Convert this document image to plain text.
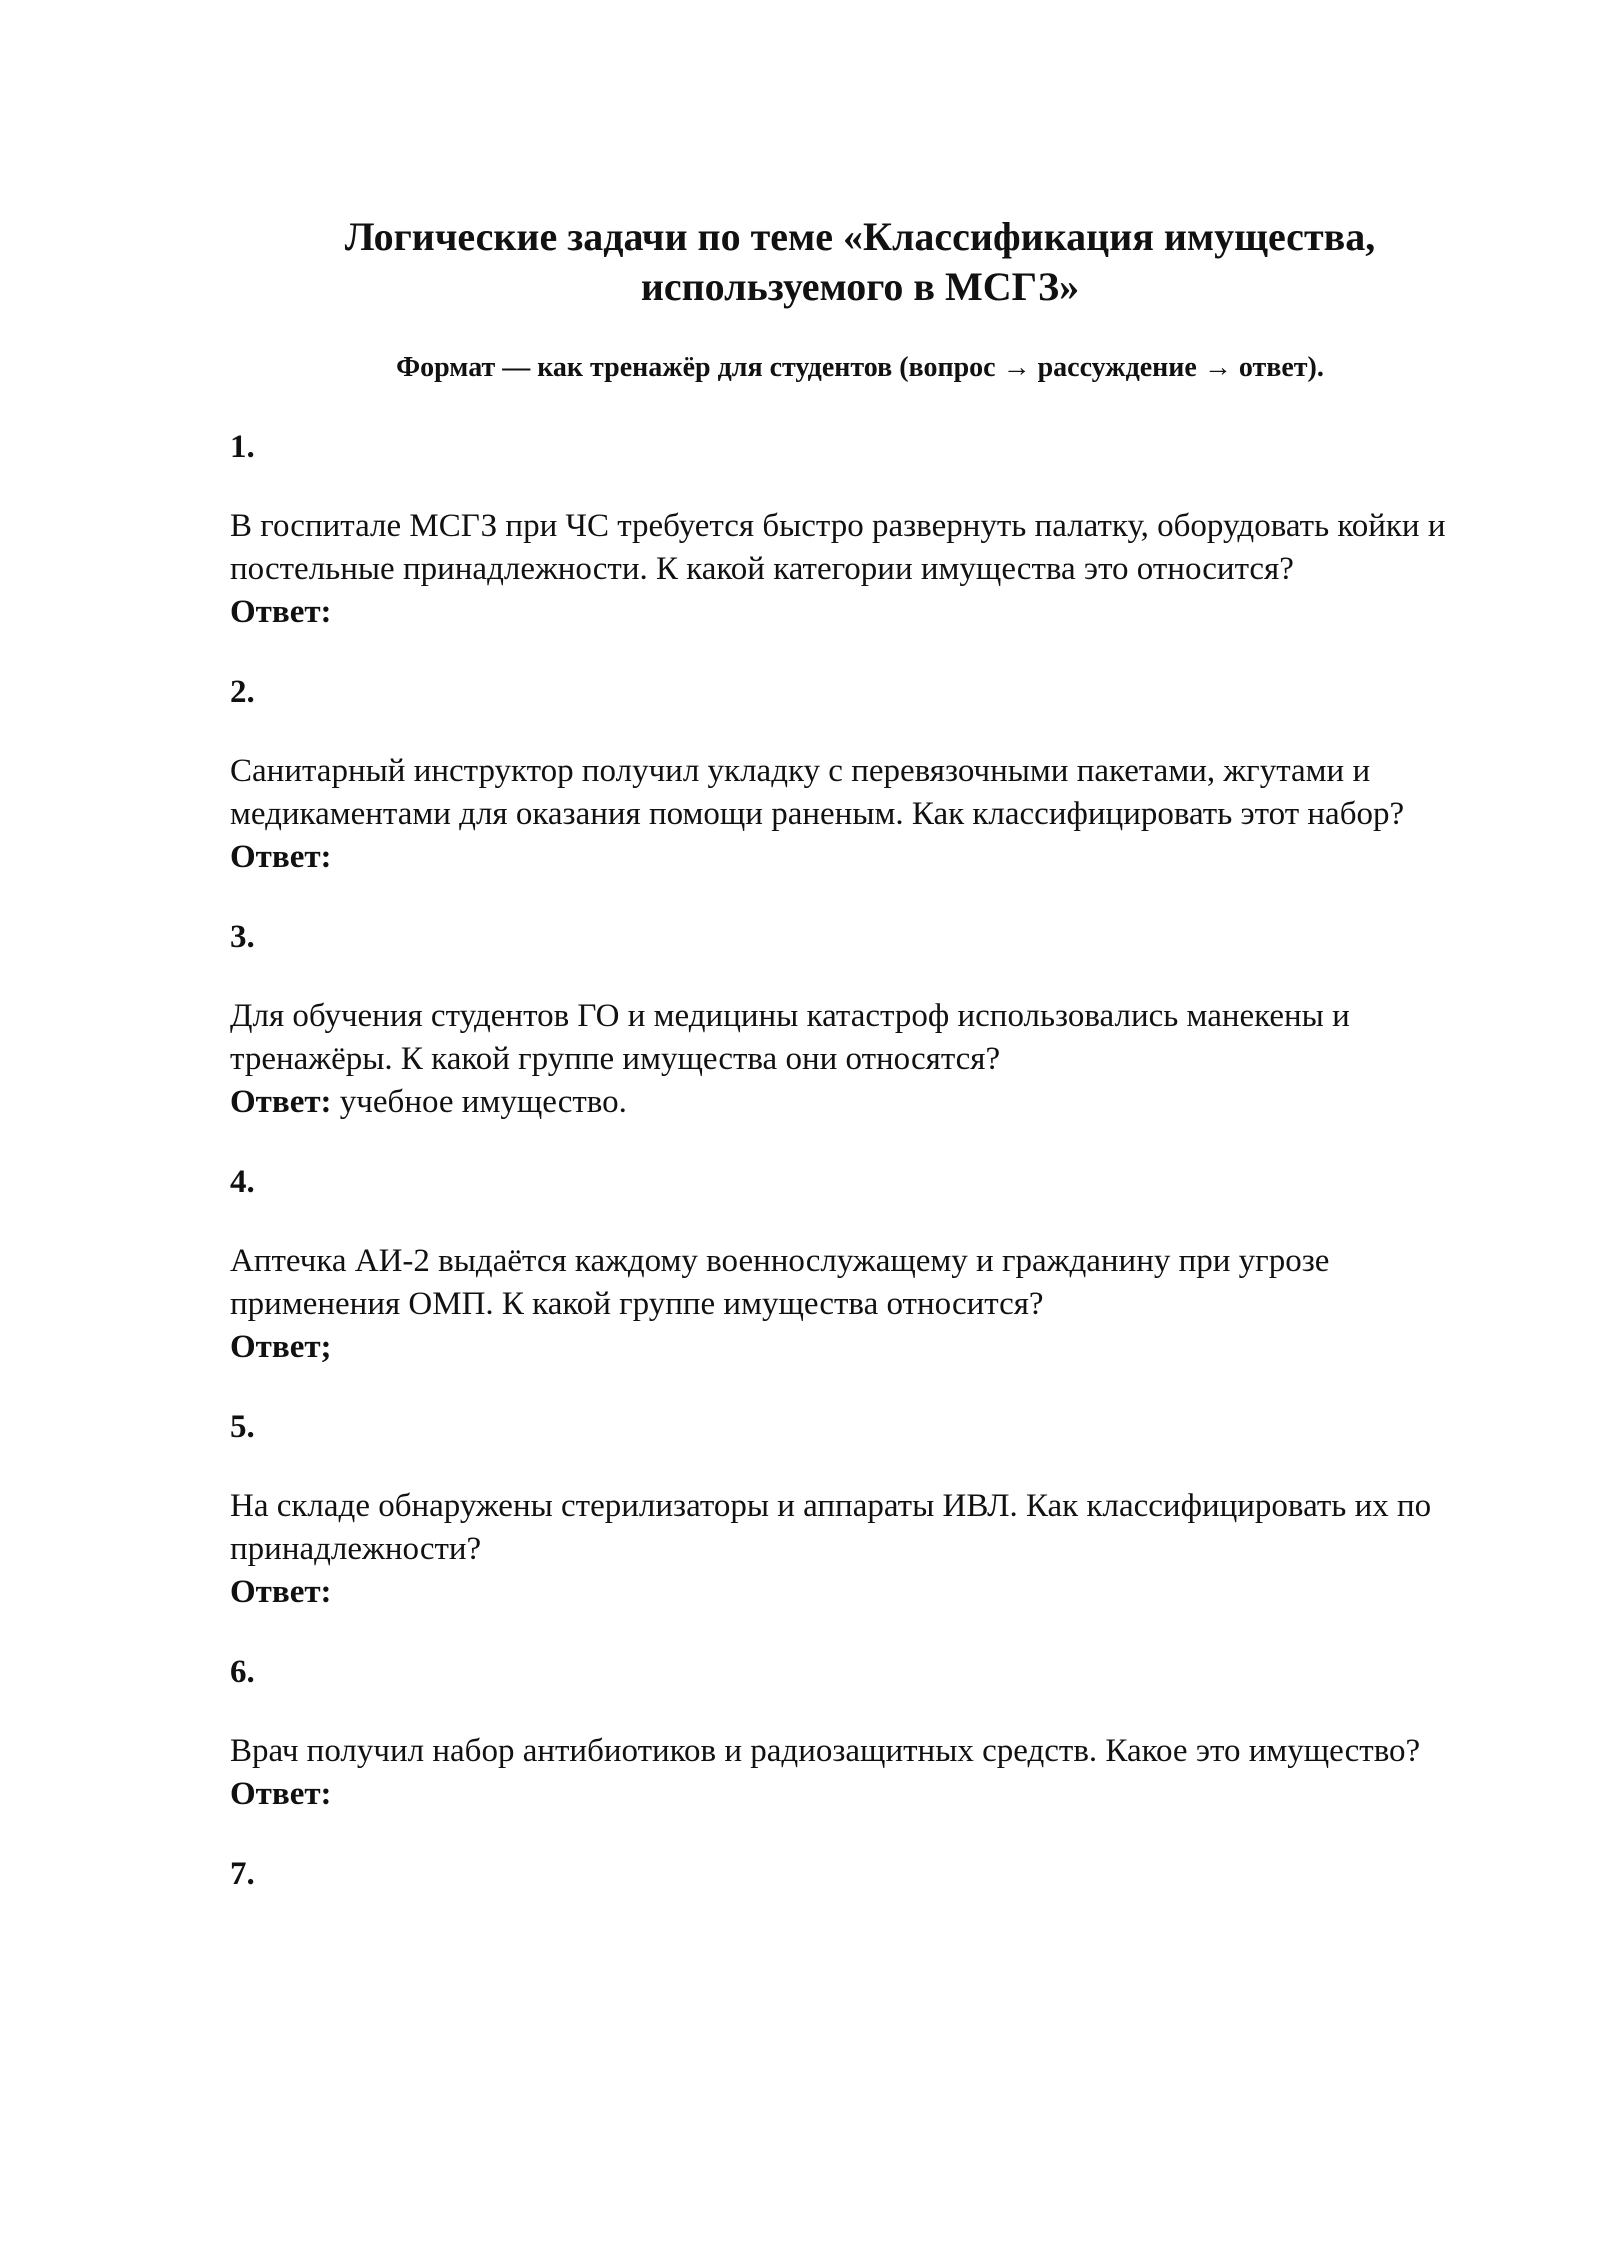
Логические задачи по теме «Классификация имущества, используемого в МСГЗ»

Формат — как тренажёр для студентов (вопрос → рассуждение → ответ).

1.

В госпитале МСГЗ при ЧС требуется быстро развернуть палатку, оборудовать койки и постельные принадлежности. К какой категории имущества это относится?

Ответ:

2.

Санитарный инструктор получил укладку с перевязочными пакетами, жгутами и медикаментами для оказания помощи раненым. Как классифицировать этот набор?

Ответ:

3.

Для обучения студентов ГО и медицины катастроф использовались манекены и тренажёры. К какой группе имущества они относятся?

Ответ: учебное имущество.

4.

Аптечка АИ-2 выдаётся каждому военнослужащему и гражданину при угрозе применения ОМП. К какой группе имущества относится?

Ответ;

5.

На складе обнаружены стерилизаторы и аппараты ИВЛ. Как классифицировать их по принадлежности?

Ответ:

6.

Врач получил набор антибиотиков и радиозащитных средств. Какое это имущество?

Ответ:

7.
